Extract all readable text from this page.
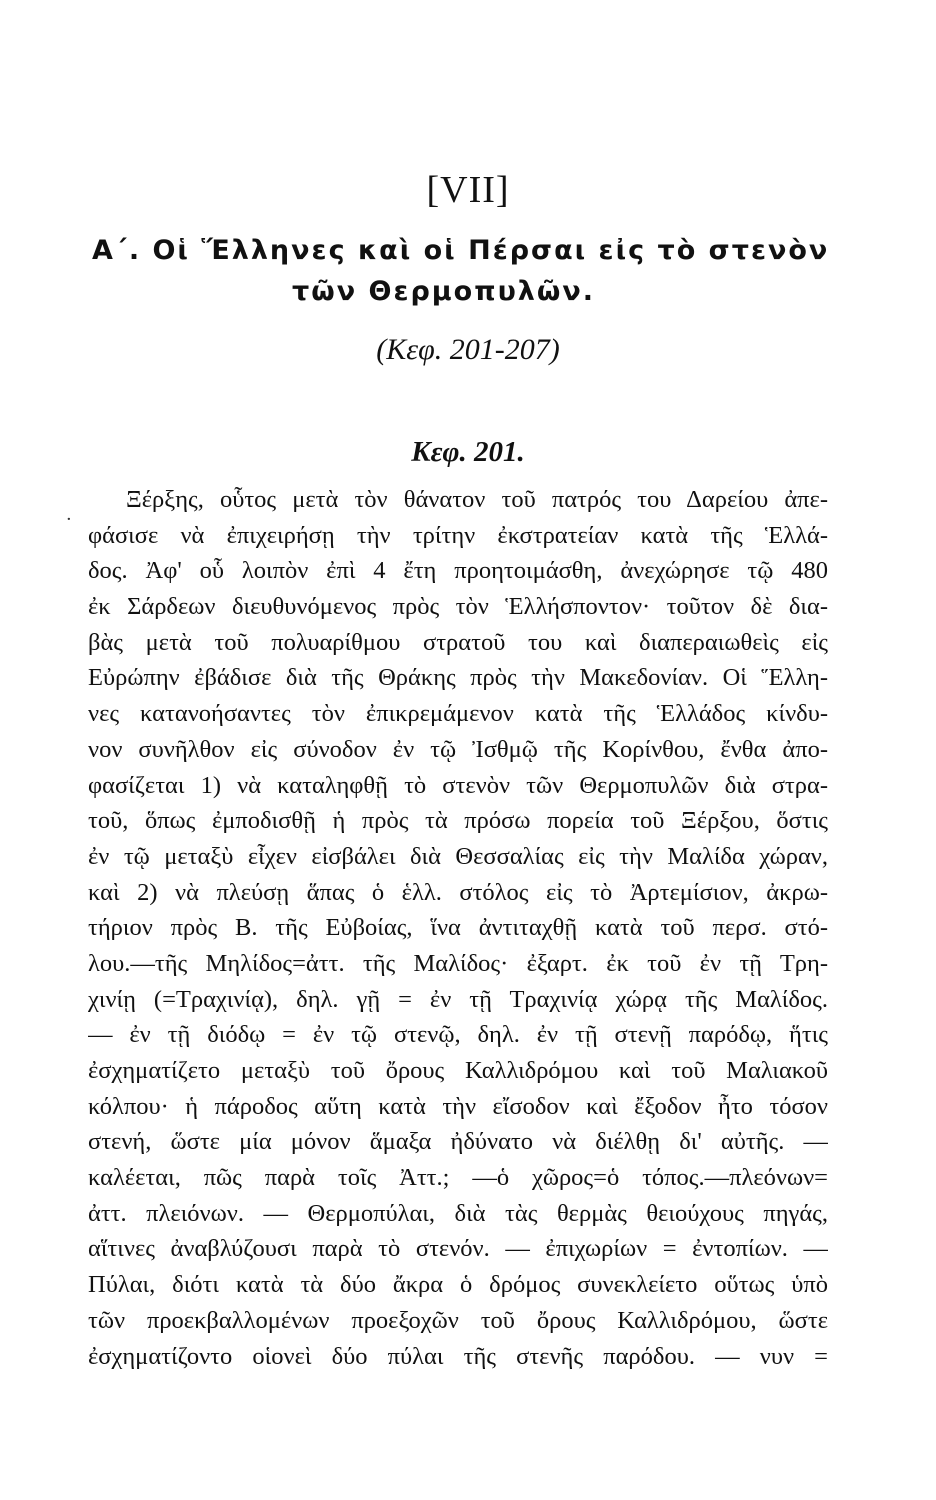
[VII]
Α΄. Οἱ Ἕλληνες καὶ οἱ Πέρσαι εἰς τὸ στενὸν
τῶν Θερμοπυλῶν.
(Κεφ. 201-207)
Κεφ. 201.
·
Ξέρξης, οὗτος μετὰ τὸν θάνατον τοῦ πατρός του Δαρείου ἀπε-
φάσισε νὰ ἐπιχειρήσῃ τὴν τρίτην ἐκστρατείαν κατὰ τῆς Ἑλλά-
δος. Ἀφ' οὗ λοιπὸν ἐπὶ 4 ἔτη προητοιμάσθη, ἀνεχώρησε τῷ 480
ἐκ Σάρδεων διευθυνόμενος πρὸς τὸν Ἑλλήσποντον· τοῦτον δὲ δια-
βὰς μετὰ τοῦ πολυαρίθμου στρατοῦ του καὶ διαπεραιωθεὶς εἰς
Εὐρώπην ἐβάδισε διὰ τῆς Θράκης πρὸς τὴν Μακεδονίαν. Οἱ Ἕλλη-
νες κατανοήσαντες τὸν ἐπικρεμάμενον κατὰ τῆς Ἑλλάδος κίνδυ-
νον συνῆλθον εἰς σύνοδον ἐν τῷ Ἰσθμῷ τῆς Κορίνθου, ἔνθα ἀπο-
φασίζεται 1) νὰ καταληφθῇ τὸ στενὸν τῶν Θερμοπυλῶν διὰ στρα-
τοῦ, ὅπως ἐμποδισθῇ ἡ πρὸς τὰ πρόσω πορεία τοῦ Ξέρξου, ὅστις
ἐν τῷ μεταξὺ εἶχεν εἰσβάλει διὰ Θεσσαλίας εἰς τὴν Μαλίδα χώραν,
καὶ 2) νὰ πλεύσῃ ἅπας ὁ ἑλλ. στόλος εἰς τὸ Ἀρτεμίσιον, ἀκρω-
τήριον πρὸς Β. τῆς Εὐβοίας, ἵνα ἀντιταχθῇ κατὰ τοῦ περσ. στό-
λου.—τῆς Μηλίδος=ἀττ. τῆς Μαλίδος· ἐξαρτ. ἐκ τοῦ ἐν τῇ Τρη-
χινίῃ (=Τραχινίᾳ), δηλ. γῇ = ἐν τῇ Τραχινίᾳ χώρᾳ τῆς Μαλίδος.
— ἐν τῇ διόδῳ = ἐν τῷ στενῷ, δηλ. ἐν τῇ στενῇ παρόδῳ, ἥτις
ἐσχηματίζετο μεταξὺ τοῦ ὄρους Καλλιδρόμου καὶ τοῦ Μαλιακοῦ
κόλπου· ἡ πάροδος αὕτη κατὰ τὴν εἴσοδον καὶ ἔξοδον ἦτο τόσον
στενή, ὥστε μία μόνον ἅμαξα ἠδύνατο νὰ διέλθῃ δι' αὐτῆς. —
καλέεται, πῶς παρὰ τοῖς Ἀττ.; —ὁ χῶρος=ὁ τόπος.—πλεόνων=
ἀττ. πλειόνων. — Θερμοπύλαι, διὰ τὰς θερμὰς θειούχους πηγάς,
αἵτινες ἀναβλύζουσι παρὰ τὸ στενόν. — ἐπιχωρίων = ἐντοπίων. —
Πύλαι, διότι κατὰ τὰ δύο ἄκρα ὁ δρόμος συνεκλείετο οὕτως ὑπὸ
τῶν προεκβαλλομένων προεξοχῶν τοῦ ὄρους Καλλιδρόμου, ὥστε
ἐσχηματίζοντο οἱονεὶ δύο πύλαι τῆς στενῆς παρόδου. — νυν =
